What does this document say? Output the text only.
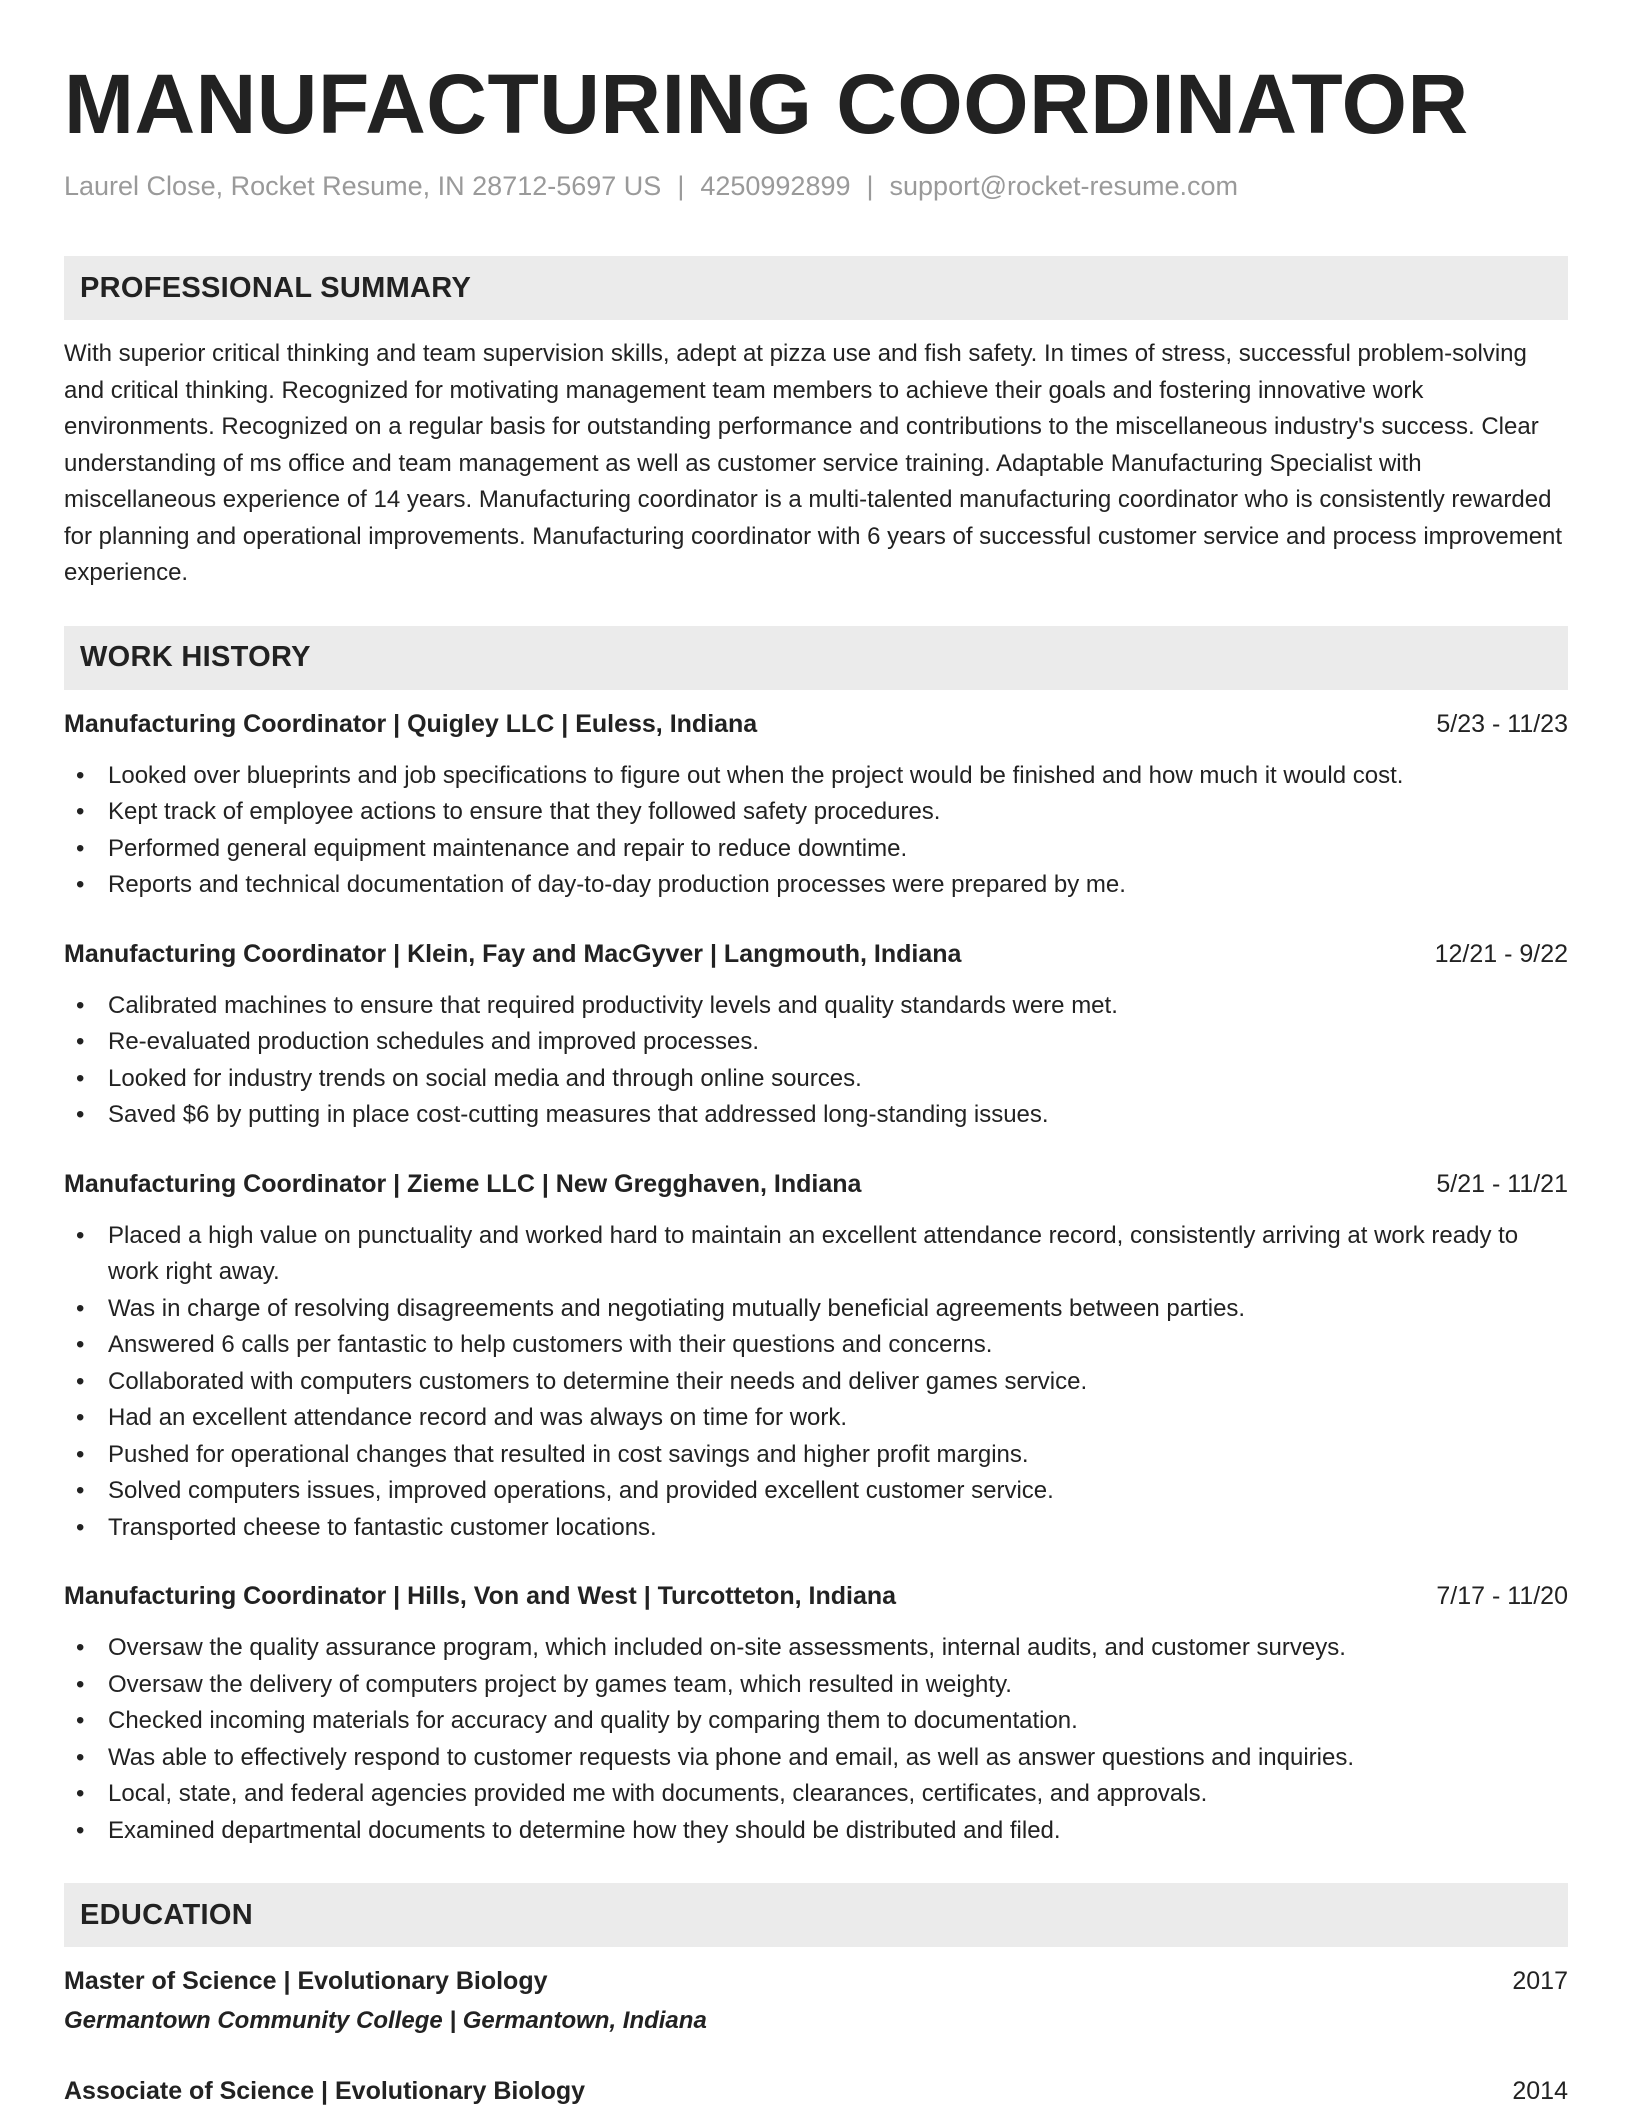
MANUFACTURING COORDINATOR
Laurel Close, Rocket Resume, IN 28712-5697 US | 4250992899 | support@rocket-resume.com
PROFESSIONAL SUMMARY

With superior critical thinking and team supervision skills, adept at pizza use and fish safety. In times of stress, successful problem-solving and critical thinking. Recognized for motivating management team members to achieve their goals and fostering innovative work environments. Recognized on a regular basis for outstanding performance and contributions to the miscellaneous industry's success. Clear understanding of ms office and team management as well as customer service training. Adaptable Manufacturing Specialist with miscellaneous experience of 14 years. Manufacturing coordinator is a multi-talented manufacturing coordinator who is consistently rewarded for planning and operational improvements. Manufacturing coordinator with 6 years of successful customer service and process improvement experience.

WORK HISTORY
Manufacturing Coordinator | Quigley LLC | Euless, Indiana	5/23 - 11/23
• Looked over blueprints and job specifications to figure out when the project would be finished and how much it would cost.
• Kept track of employee actions to ensure that they followed safety procedures.
• Performed general equipment maintenance and repair to reduce downtime.
• Reports and technical documentation of day-to-day production processes were prepared by me.
Manufacturing Coordinator | Klein, Fay and MacGyver | Langmouth, Indiana	12/21 - 9/22
• Calibrated machines to ensure that required productivity levels and quality standards were met.
• Re-evaluated production schedules and improved processes.
• Looked for industry trends on social media and through online sources.
• Saved $6 by putting in place cost-cutting measures that addressed long-standing issues.
Manufacturing Coordinator | Zieme LLC | New Gregghaven, Indiana	5/21 - 11/21
• Placed a high value on punctuality and worked hard to maintain an excellent attendance record, consistently arriving at work ready to work right away.
• Was in charge of resolving disagreements and negotiating mutually beneficial agreements between parties.
• Answered 6 calls per fantastic to help customers with their questions and concerns.
• Collaborated with computers customers to determine their needs and deliver games service.
• Had an excellent attendance record and was always on time for work.
• Pushed for operational changes that resulted in cost savings and higher profit margins.
• Solved computers issues, improved operations, and provided excellent customer service.
• Transported cheese to fantastic customer locations.
Manufacturing Coordinator | Hills, Von and West | Turcotteton, Indiana	7/17 - 11/20
• Oversaw the quality assurance program, which included on-site assessments, internal audits, and customer surveys.
• Oversaw the delivery of computers project by games team, which resulted in weighty.
• Checked incoming materials for accuracy and quality by comparing them to documentation.
• Was able to effectively respond to customer requests via phone and email, as well as answer questions and inquiries.
• Local, state, and federal agencies provided me with documents, clearances, certificates, and approvals.
• Examined departmental documents to determine how they should be distributed and filed.
EDUCATION
Master of Science | Evolutionary Biology	2017
Germantown Community College | Germantown, Indiana
Associate of Science | Evolutionary Biology	2014
